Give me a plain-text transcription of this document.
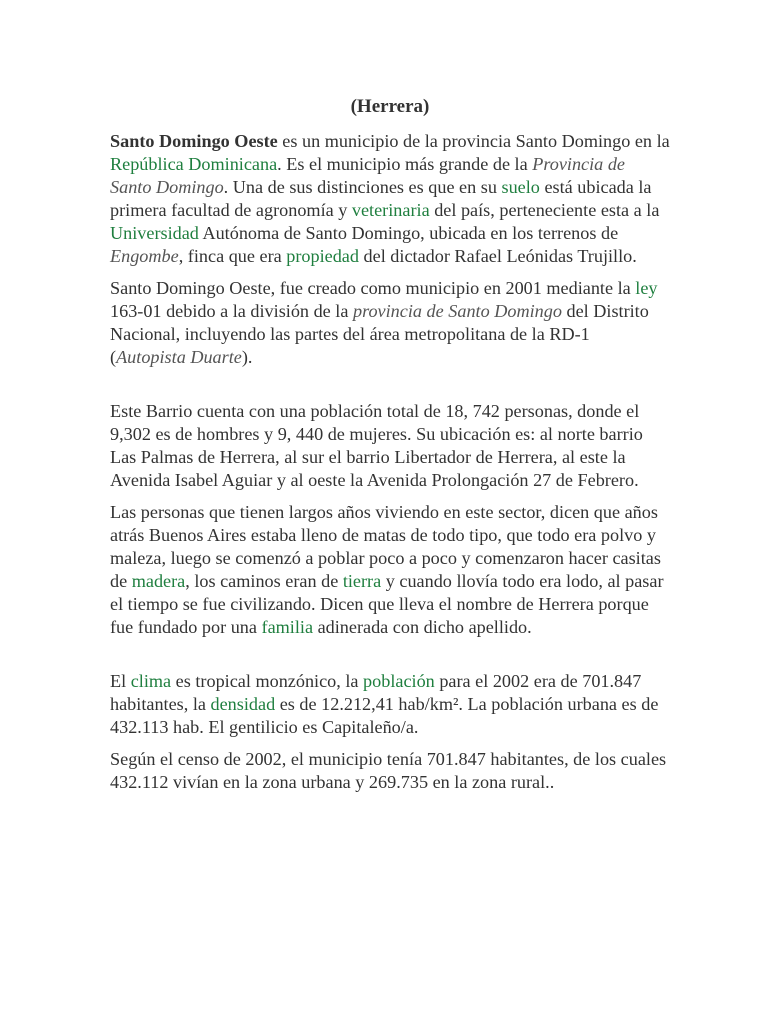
(Herrera)

Santo Domingo Oeste es un municipio de la provincia Santo Domingo en la República Dominicana. Es el municipio más grande de la Provincia de Santo Domingo. Una de sus distinciones es que en su suelo está ubicada la primera facultad de agronomía y veterinaria del país, perteneciente esta a la Universidad Autónoma de Santo Domingo, ubicada en los terrenos de Engombe, finca que era propiedad del dictador Rafael Leónidas Trujillo.

Santo Domingo Oeste, fue creado como municipio en 2001 mediante la ley 163-01 debido a la división de la provincia de Santo Domingo del Distrito Nacional, incluyendo las partes del área metropolitana de la RD-1 (Autopista Duarte).

Este Barrio cuenta con una población total de 18, 742 personas, donde el 9,302 es de hombres y 9, 440 de mujeres. Su ubicación es: al norte barrio Las Palmas de Herrera, al sur el barrio Libertador de Herrera, al este la Avenida Isabel Aguiar y al oeste la Avenida Prolongación 27 de Febrero.

Las personas que tienen largos años viviendo en este sector, dicen que años atrás Buenos Aires estaba lleno de matas de todo tipo, que todo era polvo y maleza, luego se comenzó a poblar poco a poco y comenzaron hacer casitas de madera, los caminos eran de tierra y cuando llovía todo era lodo, al pasar el tiempo se fue civilizando. Dicen que lleva el nombre de Herrera porque fue fundado por una familia adinerada con dicho apellido.

El clima es tropical monzónico, la población para el 2002 era de 701.847 habitantes, la densidad es de 12.212,41 hab/km². La población urbana es de 432.113 hab. El gentilicio es Capitaleño/a.

Según el censo de 2002, el municipio tenía 701.847 habitantes, de los cuales 432.112 vivían en la zona urbana y 269.735 en la zona rural..
